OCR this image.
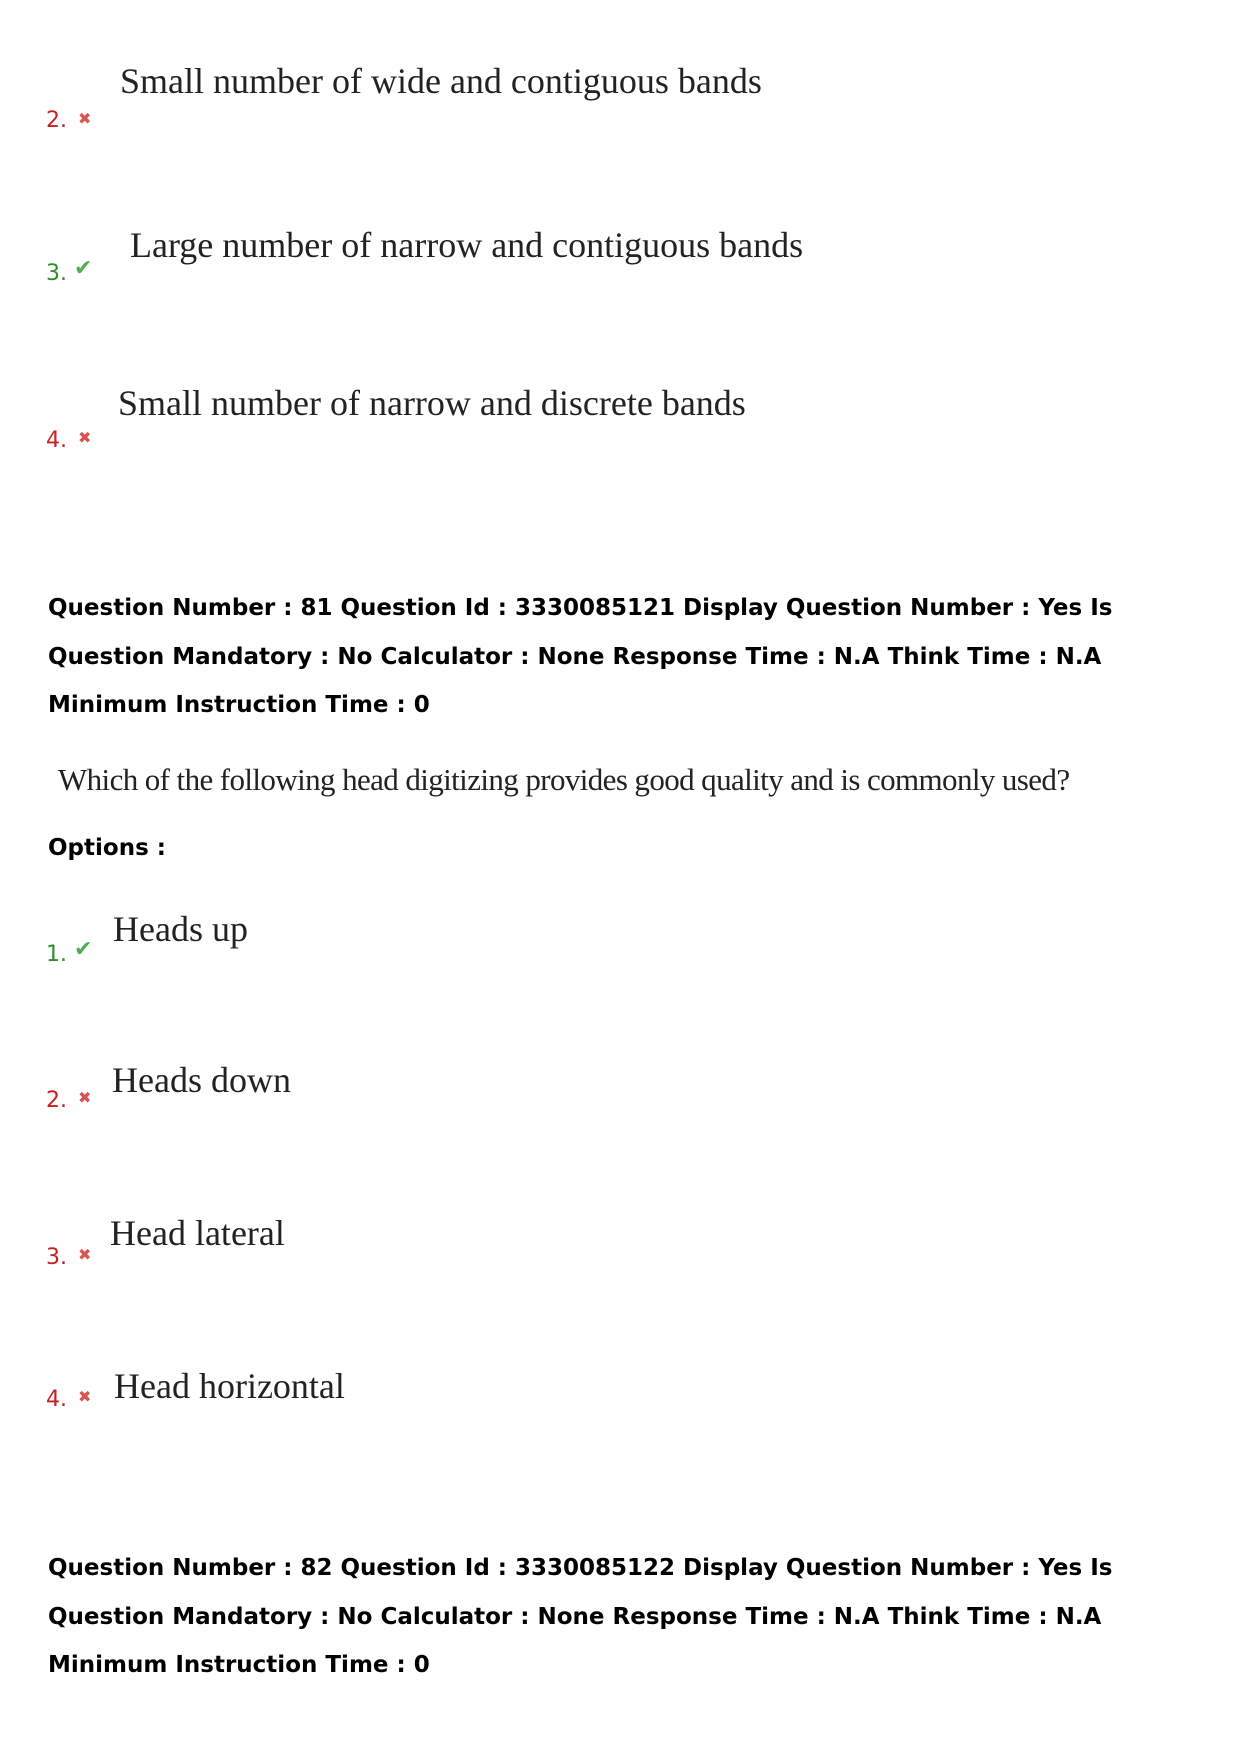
2. ✖
Small number of wide and contiguous bands
3. ✔
Large number of narrow and contiguous bands
4. ✖
Small number of narrow and discrete bands
Question Number : 81 Question Id : 3330085121 Display Question Number : Yes Is Question Mandatory : No Calculator : None Response Time : N.A Think Time : N.A Minimum Instruction Time : 0
Which of the following head digitizing provides good quality and is commonly used?
Options :
1. ✔
Heads up
2. ✖ Heads down
3. ✖
Head lateral
4. ✖ Head horizontal
Question Number : 82 Question Id : 3330085122 Display Question Number : Yes Is Question Mandatory : No Calculator : None Response Time : N.A Think Time : N.A Minimum Instruction Time : 0
